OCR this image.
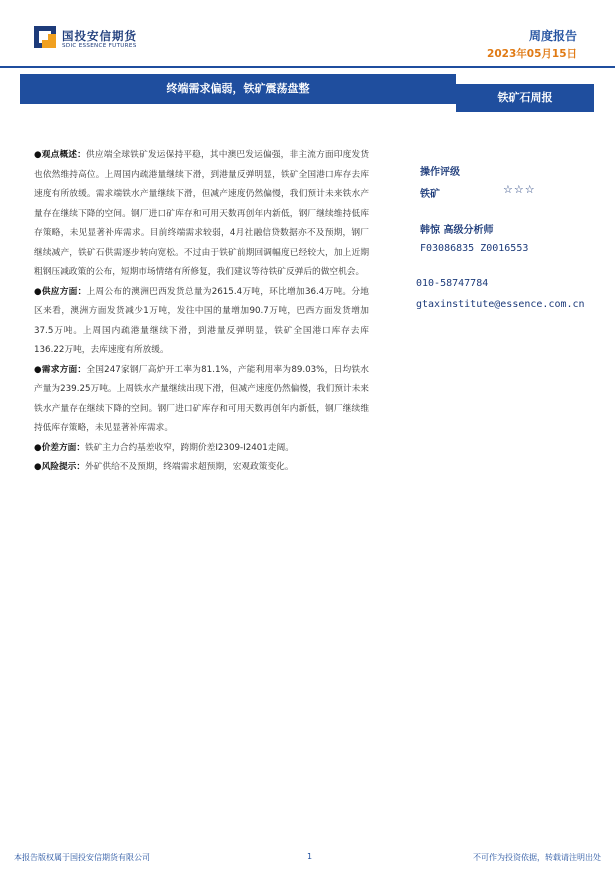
国投安信期货
SDIC ESSENCE FUTURES
周度报告
2023年05月15日
终端需求偏弱，铁矿震荡盘整
铁矿石周报

●观点概述：供应端全球铁矿发运保持平稳，其中澳巴发运偏强，非主流方面印度发货也依然维持高位。上周国内疏港量继续下滑，到港量反弹明显，铁矿全国港口库存去库速度有所放缓。需求端铁水产量继续下滑，但减产速度仍然偏慢，我们预计未来铁水产量存在继续下降的空间。钢厂进口矿库存和可用天数再创年内新低，钢厂继续维持低库存策略，未见显著补库需求。目前终端需求较弱，4月社融信贷数据亦不及预期，钢厂继续减产，铁矿石供需逐步转向宽松。不过由于铁矿前期回调幅度已经较大，加上近期粗钢压减政策的公布，短期市场情绪有所修复，我们建议等待铁矿反弹后的做空机会。

●供应方面：上周公布的澳洲巴西发货总量为2615.4万吨，环比增加36.4万吨。分地区来看，澳洲方面发货减少1万吨，发往中国的量增加90.7万吨，巴西方面发货增加37.5万吨。上周国内疏港量继续下滑，到港量反弹明显，铁矿全国港口库存去库136.22万吨，去库速度有所放缓。

●需求方面：全国247家钢厂高炉开工率为81.1%，产能利用率为89.03%，日均铁水产量为239.25万吨。上周铁水产量继续出现下滑，但减产速度仍然偏慢，我们预计未来铁水产量存在继续下降的空间。钢厂进口矿库存和可用天数再创年内新低，钢厂继续维持低库存策略，未见显著补库需求。

●价差方面：铁矿主力合约基差收窄，跨期价差I2309-I2401走阔。

●风险提示：外矿供给不及预期，终端需求超预期，宏观政策变化。

操作评级
铁矿	☆☆☆
韩惊 高级分析师
F03086835 Z0016553
010-58747784
gtaxinstitute@essence.com.cn
本报告版权属于国投安信期货有限公司	1	不可作为投资依据，转载请注明出处
